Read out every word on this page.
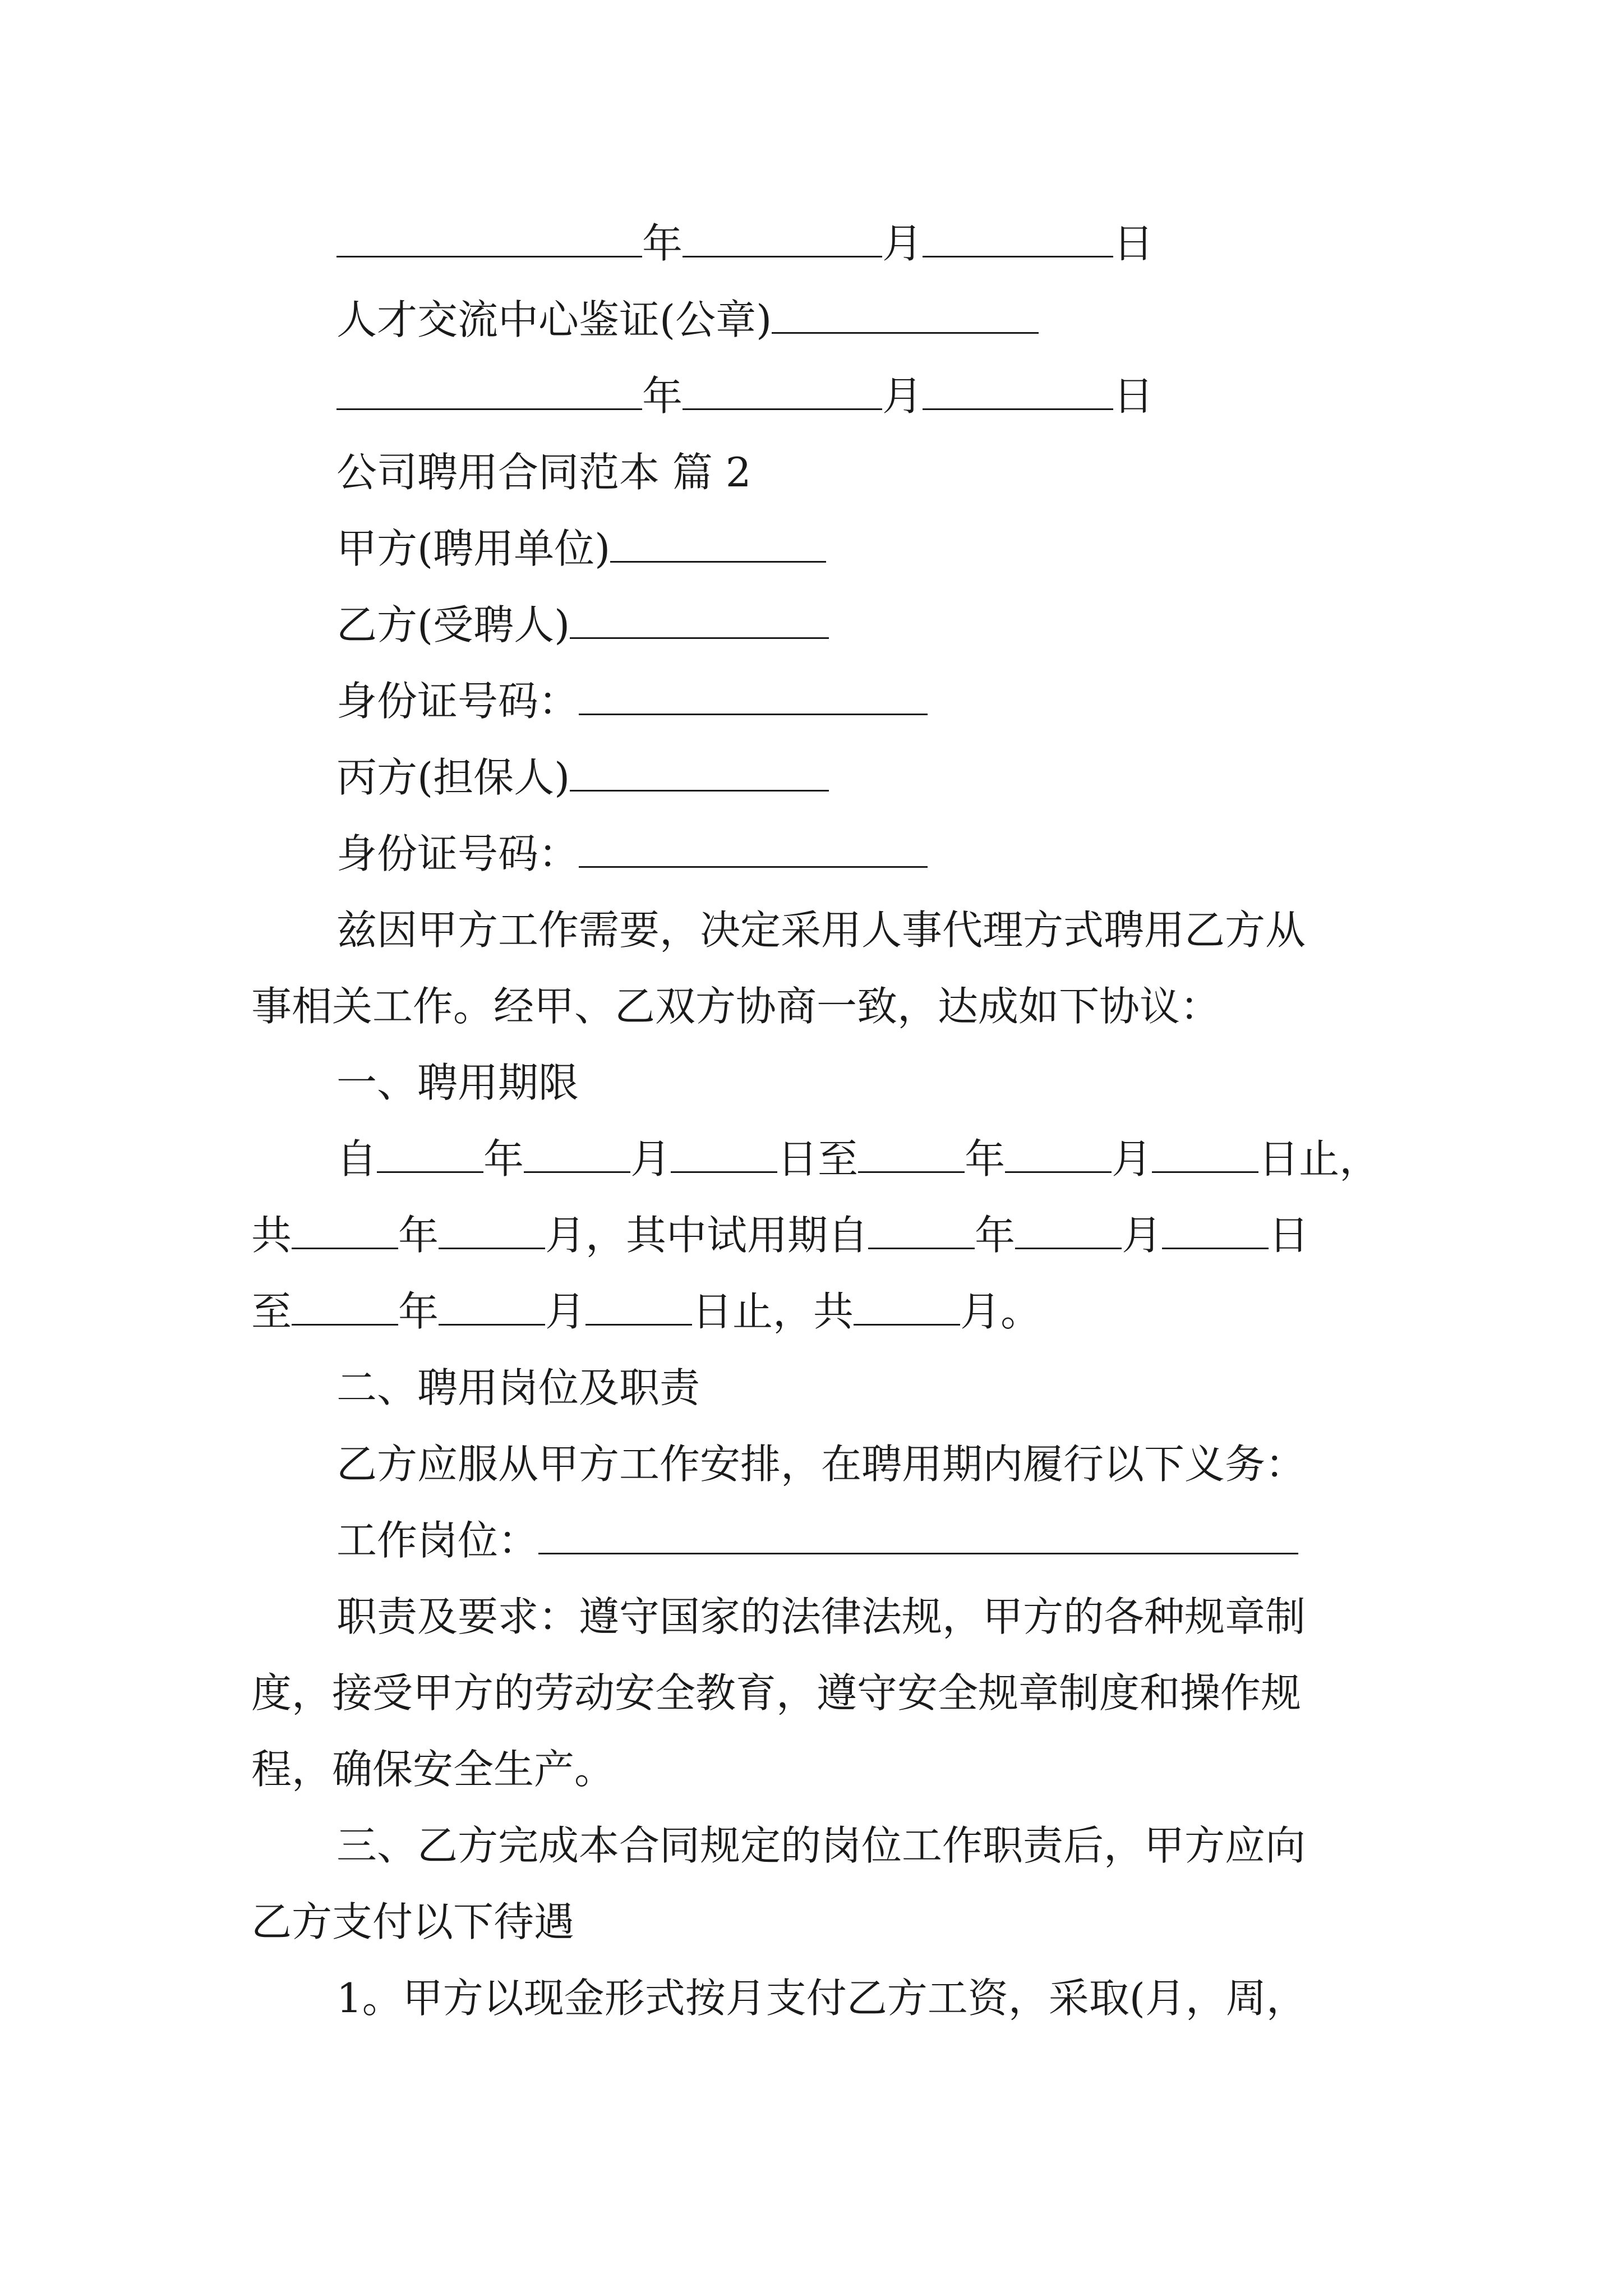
年	月	日
人才交流中心鉴证(公章)
年	月	日
公司聘用合同范本 篇 2
甲方(聘用单位)
乙方(受聘人)
身份证号码：
丙方(担保人)
身份证号码：
兹因甲方工作需要，决定采用人事代理方式聘用乙方从
事相关工作。经甲、乙双方协商一致，达成如下协议：
一、聘用期限
自	年	月	日至	年	月	日止，
共	年	月，其中试用期自	年	月	日
至	年	月	日止，共	月。
二、聘用岗位及职责
乙方应服从甲方工作安排，在聘用期内履行以下义务：
工作岗位：
职责及要求：遵守国家的法律法规，甲方的各种规章制
度，接受甲方的劳动安全教育，遵守安全规章制度和操作规
程，确保安全生产。
三、乙方完成本合同规定的岗位工作职责后，甲方应向
乙方支付以下待遇
1。甲方以现金形式按月支付乙方工资，采取(月，周，
